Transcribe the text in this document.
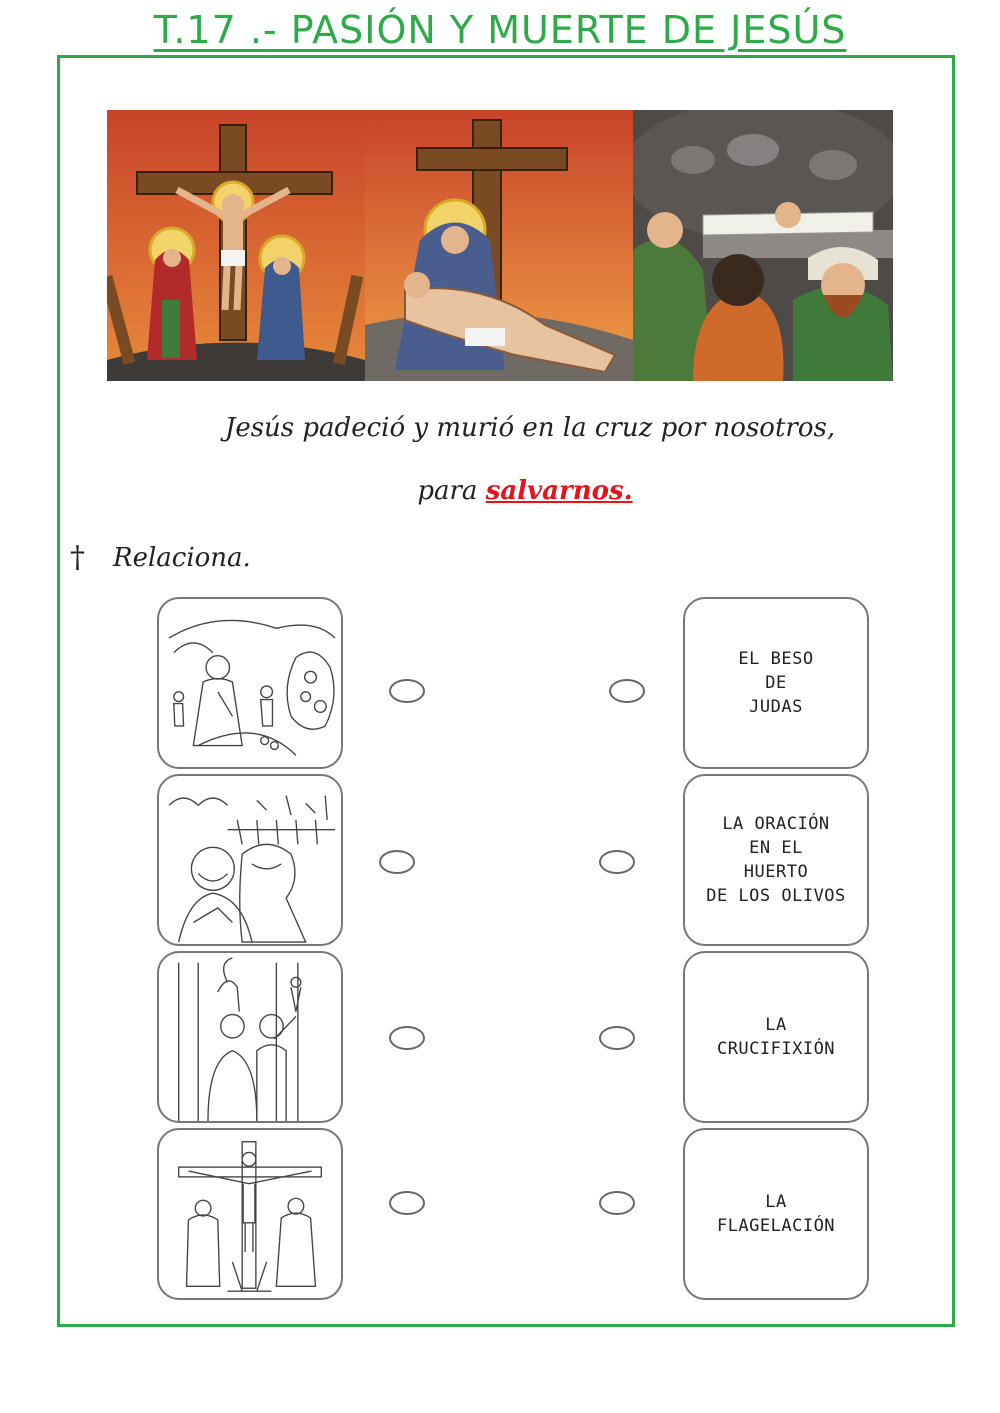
T.17 .- PASIÓN Y MUERTE DE JESÚS
Jesús padeció y murió en la cruz por nosotros,
para salvarnos.
† Relaciona.
EL BESO
DE
JUDAS
LA ORACIÓN
EN EL
HUERTO
DE LOS OLIVOS
LA
CRUCIFIXIÓN
LA
FLAGELACIÓN
